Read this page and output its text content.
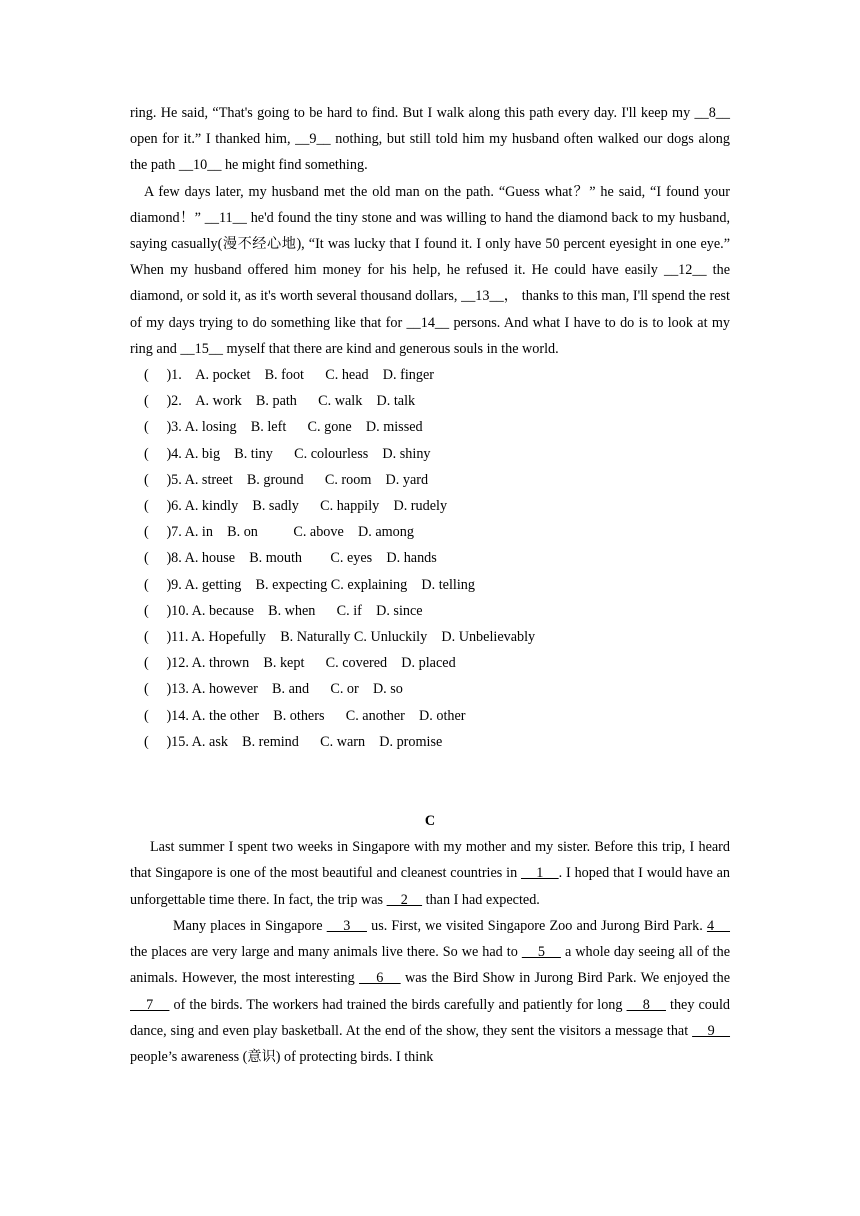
ring. He said, “That's going to be hard to find. But I walk along this path every day. I'll keep my __8__ open for it.” I thanked him, __9__ nothing, but still told him my husband often walked our dogs along the path __10__ he might find something.

A few days later, my husband met the old man on the path. “Guess what？” he said, “I found your diamond！” __11__ he'd found the tiny stone and was willing to hand the diamond back to my husband, saying casually(漫不经心地), “It was lucky that I found it. I only have 50 percent eyesight in one eye.” When my husband offered him money for his help, he refused it. He could have easily __12__ the diamond, or sold it, as it's worth several thousand dollars, __13__， thanks to this man, I'll spend the rest of my days trying to do something like that for __14__ persons. And what I have to do is to look at my ring and __15__ myself that there are kind and generous souls in the world.

(     )1.    A. pocket    B. foot      C. head    D. finger
(     )2.    A. work    B. path      C. walk    D. talk
(     )3. A. losing    B. left      C. gone    D. missed
(     )4. A. big    B. tiny      C. colourless    D. shiny
(     )5. A. street    B. ground      C. room    D. yard
(     )6. A. kindly    B. sadly      C. happily    D. rudely
(     )7. A. in    B. on          C. above    D. among
(     )8. A. house    B. mouth        C. eyes    D. hands
(     )9. A. getting    B. expecting C. explaining    D. telling
(     )10. A. because    B. when      C. if    D. since
(     )11. A. Hopefully    B. Naturally C. Unluckily    D. Unbelievably
(     )12. A. thrown    B. kept      C. covered    D. placed
(     )13. A. however    B. and      C. or    D. so
(     )14. A. the other    B. others      C. another    D. other
(     )15. A. ask    B. remind      C. warn    D. promise
C

Last summer I spent two weeks in Singapore with my mother and my sister. Before this trip, I heard that Singapore is one of the most beautiful and cleanest countries in     1    . I hoped that I would have an unforgettable time there. In fact, the trip was     2     than I had expected.

Many places in Singapore     3     us. First, we visited Singapore Zoo and Jurong Bird Park. 4     the places are very large and many animals live there. So we had to     5     a whole day seeing all of the animals. However, the most interesting     6     was the Bird Show in Jurong Bird Park. We enjoyed the     7     of the birds. The workers had trained the birds carefully and patiently for long     8     they could dance, sing and even play basketball. At the end of the show, they sent the visitors a message that     9     people’s awareness (意识) of protecting birds. I think
